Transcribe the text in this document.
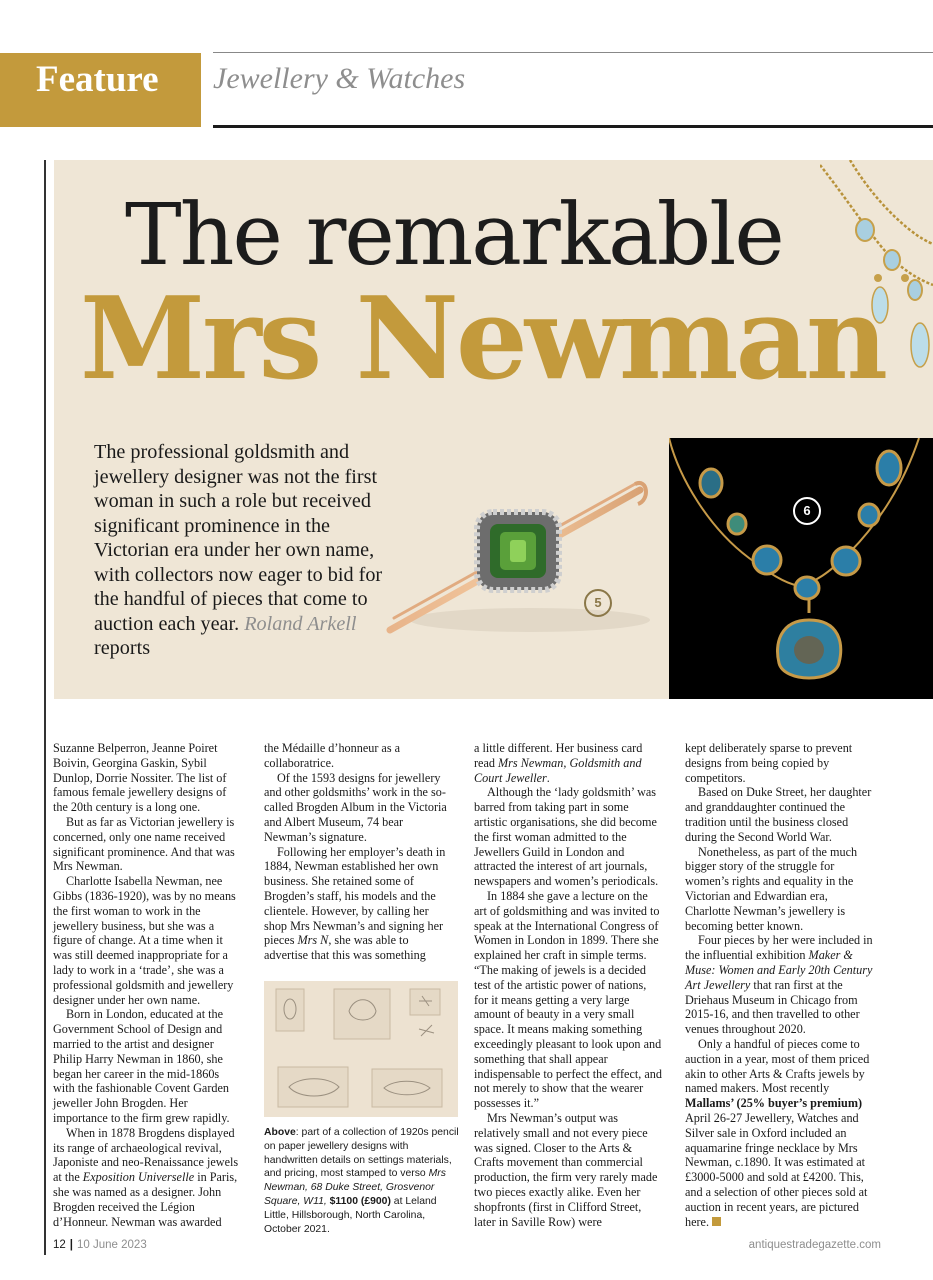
Feature Jewellery & Watches
The remarkable
Mrs Newman
The professional goldsmith and jewellery designer was not the first woman in such a role but received significant prominence in the Victorian era under her own name, with collectors now eager to bid for the handful of pieces that come to auction each year. Roland Arkell reports
5
6

Suzanne Belperron, Jeanne Poiret Boivin, Georgina Gaskin, Sybil Dunlop, Dorrie Nossiter. The list of famous female jewellery designs of the 20th century is a long one.

But as far as Victorian jewellery is concerned, only one name received significant prominence. And that was Mrs Newman.

Charlotte Isabella Newman, nee Gibbs (1836-1920), was by no means the first woman to work in the jewellery business, but she was a figure of change. At a time when it was still deemed inappropriate for a lady to work in a ‘trade’, she was a professional goldsmith and jewellery designer under her own name.

Born in London, educated at the Government School of Design and married to the artist and designer Philip Harry Newman in 1860, she began her career in the mid-1860s with the fashionable Covent Garden jeweller John Brogden. Her importance to the firm grew rapidly.

When in 1878 Brogdens displayed its range of archaeological revival, Japoniste and neo-Renaissance jewels at the Exposition Universelle in Paris, she was named as a designer. John Brogden received the Légion d’Honneur. Newman was awarded

the Médaille d’honneur as a collaboratrice.

Of the 1593 designs for jewellery and other goldsmiths’ work in the so-called Brogden Album in the Victoria and Albert Museum, 74 bear Newman’s signature.

Following her employer’s death in 1884, Newman established her own business. She retained some of Brogden’s staff, his models and the clientele. However, by calling her shop Mrs Newman’s and signing her pieces Mrs N, she was able to advertise that this was something

Above: part of a collection of 1920s pencil on paper jewellery designs with handwritten details on settings materials, and pricing, most stamped to verso Mrs Newman, 68 Duke Street, Grosvenor Square, W11, $1100 (£900) at Leland Little, Hillsborough, North Carolina, October 2021.

a little different. Her business card read Mrs Newman, Goldsmith and Court Jeweller.

Although the ‘lady goldsmith’ was barred from taking part in some artistic organisations, she did become the first woman admitted to the Jewellers Guild in London and attracted the interest of art journals, newspapers and women’s periodicals.

In 1884 she gave a lecture on the art of goldsmithing and was invited to speak at the International Congress of Women in London in 1899. There she explained her craft in simple terms. “The making of jewels is a decided test of the artistic power of nations, for it means getting a very large amount of beauty in a very small space. It means making something exceedingly pleasant to look upon and something that shall appear indispensable to perfect the effect, and not merely to show that the wearer possesses it.”

Mrs Newman’s output was relatively small and not every piece was signed. Closer to the Arts & Crafts movement than commercial production, the firm very rarely made two pieces exactly alike. Even her shopfronts (first in Clifford Street, later in Saville Row) were

kept deliberately sparse to prevent designs from being copied by competitors.

Based on Duke Street, her daughter and granddaughter continued the tradition until the business closed during the Second World War.

Nonetheless, as part of the much bigger story of the struggle for women’s rights and equality in the Victorian and Edwardian era, Charlotte Newman’s jewellery is becoming better known.

Four pieces by her were included in the influential exhibition Maker & Muse: Women and Early 20th Century Art Jewellery that ran first at the Driehaus Museum in Chicago from 2015-16, and then travelled to other venues throughout 2020.

Only a handful of pieces come to auction in a year, most of them priced akin to other Arts & Crafts jewels by named makers. Most recently Mallams’ (25% buyer’s premium) April 26-27 Jewellery, Watches and Silver sale in Oxford included an aquamarine fringe necklace by Mrs Newman, c.1890. It was estimated at £3000-5000 and sold at £4200. This, and a selection of other pieces sold at auction in recent years, are pictured here.

12 | 10 June 2023	antiquestradegazette.com
